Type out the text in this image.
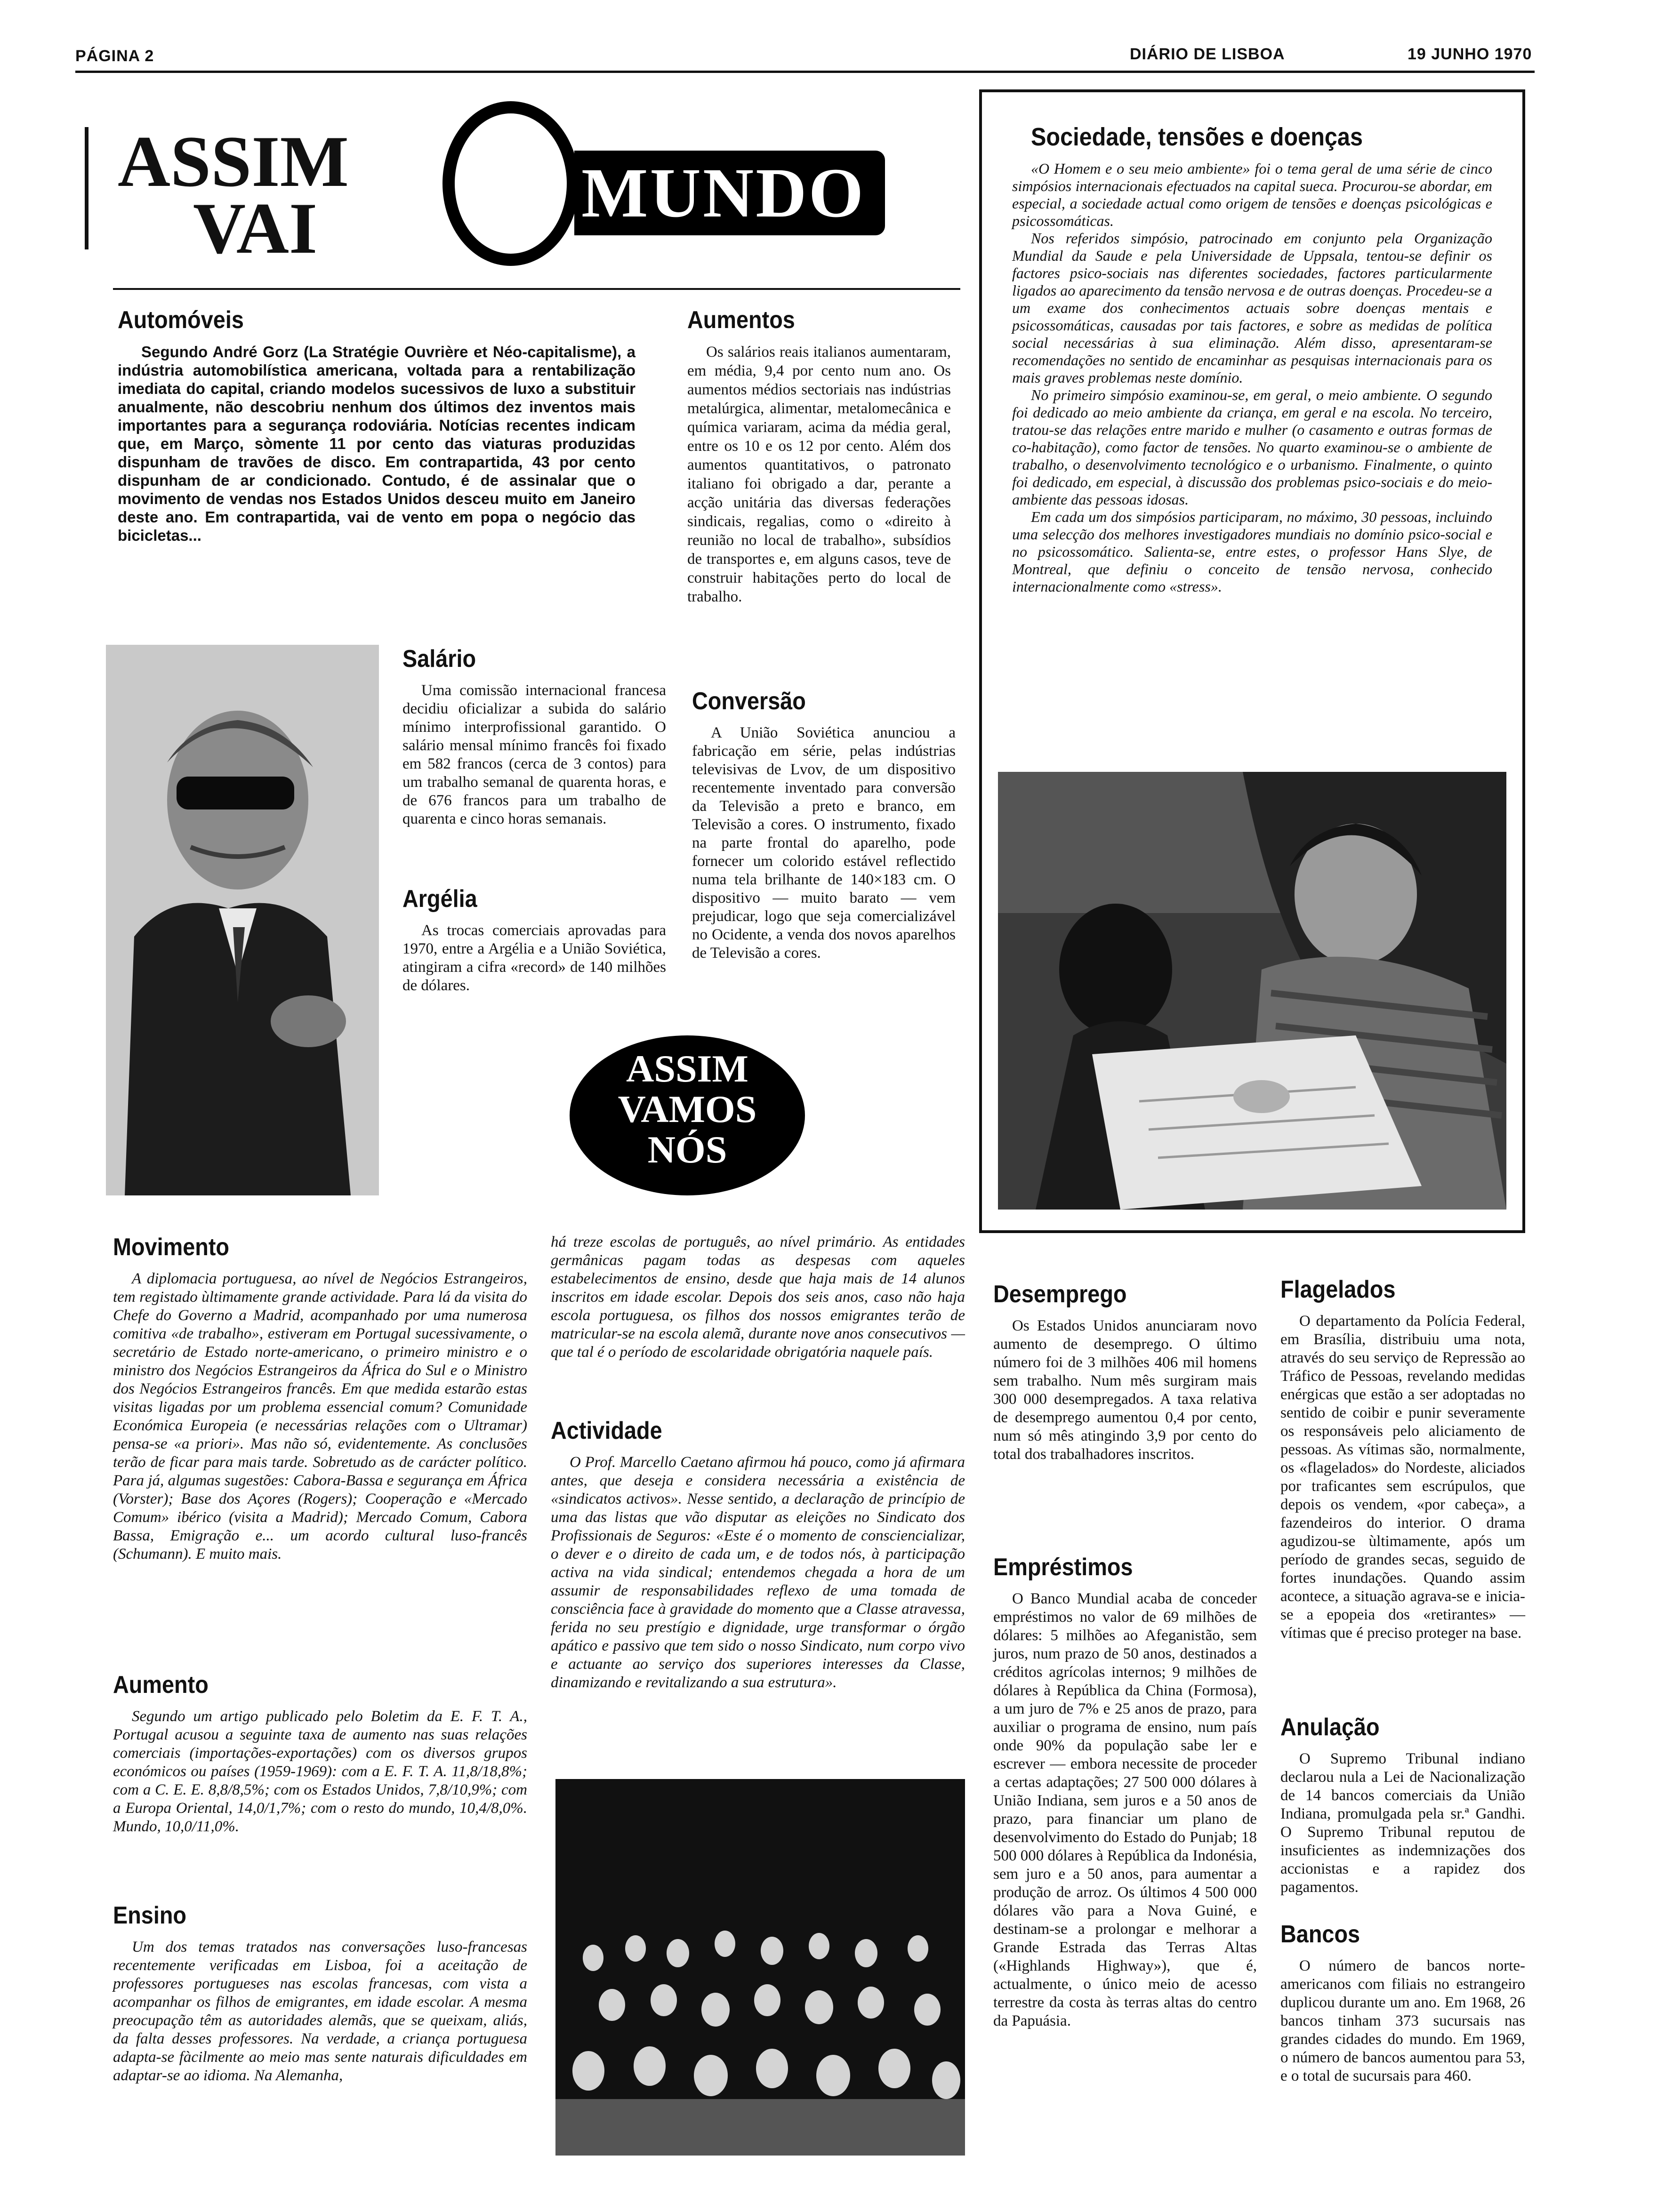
PÁGINA 2	DIÁRIO DE LISBOA	19 JUNHO 1970
ASSIM
VAI	MUNDO
Automóveis

Segundo André Gorz (La Stratégie Ouvrière et Néo-capitalisme), a indústria automobilística americana, voltada para a rentabilização imediata do capital, criando modelos sucessivos de luxo a substituir anualmente, não descobriu nenhum dos últimos dez inventos mais importantes para a segurança rodoviária. Notícias recentes indicam que, em Março, sòmente 11 por cento das viaturas produzidas dispunham de travões de disco. Em contrapartida, 43 por cento dispunham de ar condicionado. Contudo, é de assinalar que o movimento de vendas nos Estados Unidos desceu muito em Janeiro deste ano. Em contrapartida, vai de vento em popa o negócio das bicicletas...

Aumentos

Os salários reais italianos aumentaram, em média, 9,4 por cento num ano. Os aumentos médios sectoriais nas indústrias metalúrgica, alimentar, metalomecânica e química variaram, acima da média geral, entre os 10 e os 12 por cento. Além dos aumentos quantitativos, o patronato italiano foi obrigado a dar, perante a acção unitária das diversas federações sindicais, regalias, como o «direito à reunião no local de trabalho», subsídios de transportes e, em alguns casos, teve de construir habitações perto do local de trabalho.

Salário

Uma comissão internacional francesa decidiu oficializar a subida do salário mínimo interprofissional garantido. O salário mensal mínimo francês foi fixado em 582 francos (cerca de 3 contos) para um trabalho semanal de quarenta horas, e de 676 francos para um trabalho de quarenta e cinco horas semanais.

Argélia

As trocas comerciais aprovadas para 1970, entre a Argélia e a União Soviética, atingiram a cifra «record» de 140 milhões de dólares.

Conversão

A União Soviética anunciou a fabricação em série, pelas indústrias televisivas de Lvov, de um dispositivo recentemente inventado para conversão da Televisão a preto e branco, em Televisão a cores. O instrumento, fixado na parte frontal do aparelho, pode fornecer um colorido estável reflectido numa tela brilhante de 140×183 cm. O dispositivo — muito barato — vem prejudicar, logo que seja comercializável no Ocidente, a venda dos novos aparelhos de Televisão a cores.

ASSIM
VAMOS
NÓS
Sociedade, tensões e doenças

«O Homem e o seu meio ambiente» foi o tema geral de uma série de cinco simpósios internacionais efectuados na capital sueca. Procurou-se abordar, em especial, a sociedade actual como origem de tensões e doenças psicológicas e psicossomáticas.

Nos referidos simpósio, patrocinado em conjunto pela Organização Mundial da Saude e pela Universidade de Uppsala, tentou-se definir os factores psico-sociais nas diferentes sociedades, factores particularmente ligados ao aparecimento da tensão nervosa e de outras doenças. Procedeu-se a um exame dos conhecimentos actuais sobre doenças mentais e psicossomáticas, causadas por tais factores, e sobre as medidas de política social necessárias à sua eliminação. Além disso, apresentaram-se recomendações no sentido de encaminhar as pesquisas internacionais para os mais graves problemas neste domínio.

No primeiro simpósio examinou-se, em geral, o meio ambiente. O segundo foi dedicado ao meio ambiente da criança, em geral e na escola. No terceiro, tratou-se das relações entre marido e mulher (o casamento e outras formas de co-habitação), como factor de tensões. No quarto examinou-se o ambiente de trabalho, o desenvolvimento tecnológico e o urbanismo. Finalmente, o quinto foi dedicado, em especial, à discussão dos problemas psico-sociais e do meio-ambiente das pessoas idosas.

Em cada um dos simpósios participaram, no máximo, 30 pessoas, incluindo uma selecção dos melhores investigadores mundiais no domínio psico-social e no psicossomático. Salienta-se, entre estes, o professor Hans Slye, de Montreal, que definiu o conceito de tensão nervosa, conhecido internacionalmente como «stress».

Movimento

A diplomacia portuguesa, ao nível de Negócios Estrangeiros, tem registado ùltimamente grande actividade. Para lá da visita do Chefe do Governo a Madrid, acompanhado por uma numerosa comitiva «de trabalho», estiveram em Portugal sucessivamente, o secretário de Estado norte-americano, o primeiro ministro e o ministro dos Negócios Estrangeiros da África do Sul e o Ministro dos Negócios Estrangeiros francês. Em que medida estarão estas visitas ligadas por um problema essencial comum? Comunidade Económica Europeia (e necessárias relações com o Ultramar) pensa-se «a priori». Mas não só, evidentemente. As conclusões terão de ficar para mais tarde. Sobretudo as de carácter político. Para já, algumas sugestões: Cabora-Bassa e segurança em África (Vorster); Base dos Açores (Rogers); Cooperação e «Mercado Comum» ibérico (visita a Madrid); Mercado Comum, Cabora Bassa, Emigração e... um acordo cultural luso-francês (Schumann). E muito mais.

Aumento

Segundo um artigo publicado pelo Boletim da E. F. T. A., Portugal acusou a seguinte taxa de aumento nas suas relações comerciais (importações-exportações) com os diversos grupos económicos ou países (1959-1969): com a E. F. T. A. 11,8/18,8%; com a C. E. E. 8,8/8,5%; com os Estados Unidos, 7,8/10,9%; com a Europa Oriental, 14,0/1,7%; com o resto do mundo, 10,4/8,0%. Mundo, 10,0/11,0%.

Ensino

Um dos temas tratados nas conversações luso-francesas recentemente verificadas em Lisboa, foi a aceitação de professores portugueses nas escolas francesas, com vista a acompanhar os filhos de emigrantes, em idade escolar. A mesma preocupação têm as autoridades alemãs, que se queixam, aliás, da falta desses professores. Na verdade, a criança portuguesa adapta-se fàcilmente ao meio mas sente naturais dificuldades em adaptar-se ao idioma. Na Alemanha,

há treze escolas de português, ao nível primário. As entidades germânicas pagam todas as despesas com aqueles estabelecimentos de ensino, desde que haja mais de 14 alunos inscritos em idade escolar. Depois dos seis anos, caso não haja escola portuguesa, os filhos dos nossos emigrantes terão de matricular-se na escola alemã, durante nove anos consecutivos — que tal é o período de escolaridade obrigatória naquele país.

Actividade

O Prof. Marcello Caetano afirmou há pouco, como já afirmara antes, que deseja e considera necessária a existência de «sindicatos activos». Nesse sentido, a declaração de princípio de uma das listas que vão disputar as eleições no Sindicato dos Profissionais de Seguros: «Este é o momento de consciencializar, o dever e o direito de cada um, e de todos nós, à participação activa na vida sindical; entendemos chegada a hora de um assumir de responsabilidades reflexo de uma tomada de consciência face à gravidade do momento que a Classe atravessa, ferida no seu prestígio e dignidade, urge transformar o órgão apático e passivo que tem sido o nosso Sindicato, num corpo vivo e actuante ao serviço dos superiores interesses da Classe, dinamizando e revitalizando a sua estrutura».

Desemprego

Os Estados Unidos anunciaram novo aumento de desemprego. O último número foi de 3 milhões 406 mil homens sem trabalho. Num mês surgiram mais 300 000 desempregados. A taxa relativa de desemprego aumentou 0,4 por cento, num só mês atingindo 3,9 por cento do total dos trabalhadores inscritos.

Empréstimos

O Banco Mundial acaba de conceder empréstimos no valor de 69 milhões de dólares: 5 milhões ao Afeganistão, sem juros, num prazo de 50 anos, destinados a créditos agrícolas internos; 9 milhões de dólares à República da China (Formosa), a um juro de 7% e 25 anos de prazo, para auxiliar o programa de ensino, num país onde 90% da população sabe ler e escrever — embora necessite de proceder a certas adaptações; 27 500 000 dólares à União Indiana, sem juros e a 50 anos de prazo, para financiar um plano de desenvolvimento do Estado do Punjab; 18 500 000 dólares à República da Indonésia, sem juro e a 50 anos, para aumentar a produção de arroz. Os últimos 4 500 000 dólares vão para a Nova Guiné, e destinam-se a prolongar e melhorar a Grande Estrada das Terras Altas («Highlands Highway»), que é, actualmente, o único meio de acesso terrestre da costa às terras altas do centro da Papuásia.

Flagelados

O departamento da Polícia Federal, em Brasília, distribuiu uma nota, através do seu serviço de Repressão ao Tráfico de Pessoas, revelando medidas enérgicas que estão a ser adoptadas no sentido de coibir e punir severamente os responsáveis pelo aliciamento de pessoas. As vítimas são, normalmente, os «flagelados» do Nordeste, aliciados por traficantes sem escrúpulos, que depois os vendem, «por cabeça», a fazendeiros do interior. O drama agudizou-se ùltimamente, após um período de grandes secas, seguido de fortes inundações. Quando assim acontece, a situação agrava-se e inicia-se a epopeia dos «retirantes» — vítimas que é preciso proteger na base.

Anulação

O Supremo Tribunal indiano declarou nula a Lei de Nacionalização de 14 bancos comerciais da União Indiana, promulgada pela sr.ª Gandhi. O Supremo Tribunal reputou de insuficientes as indemnizações dos accionistas e a rapidez dos pagamentos.

Bancos

O número de bancos norte-americanos com filiais no estrangeiro duplicou durante um ano. Em 1968, 26 bancos tinham 373 sucursais nas grandes cidades do mundo. Em 1969, o número de bancos aumentou para 53, e o total de sucursais para 460.
